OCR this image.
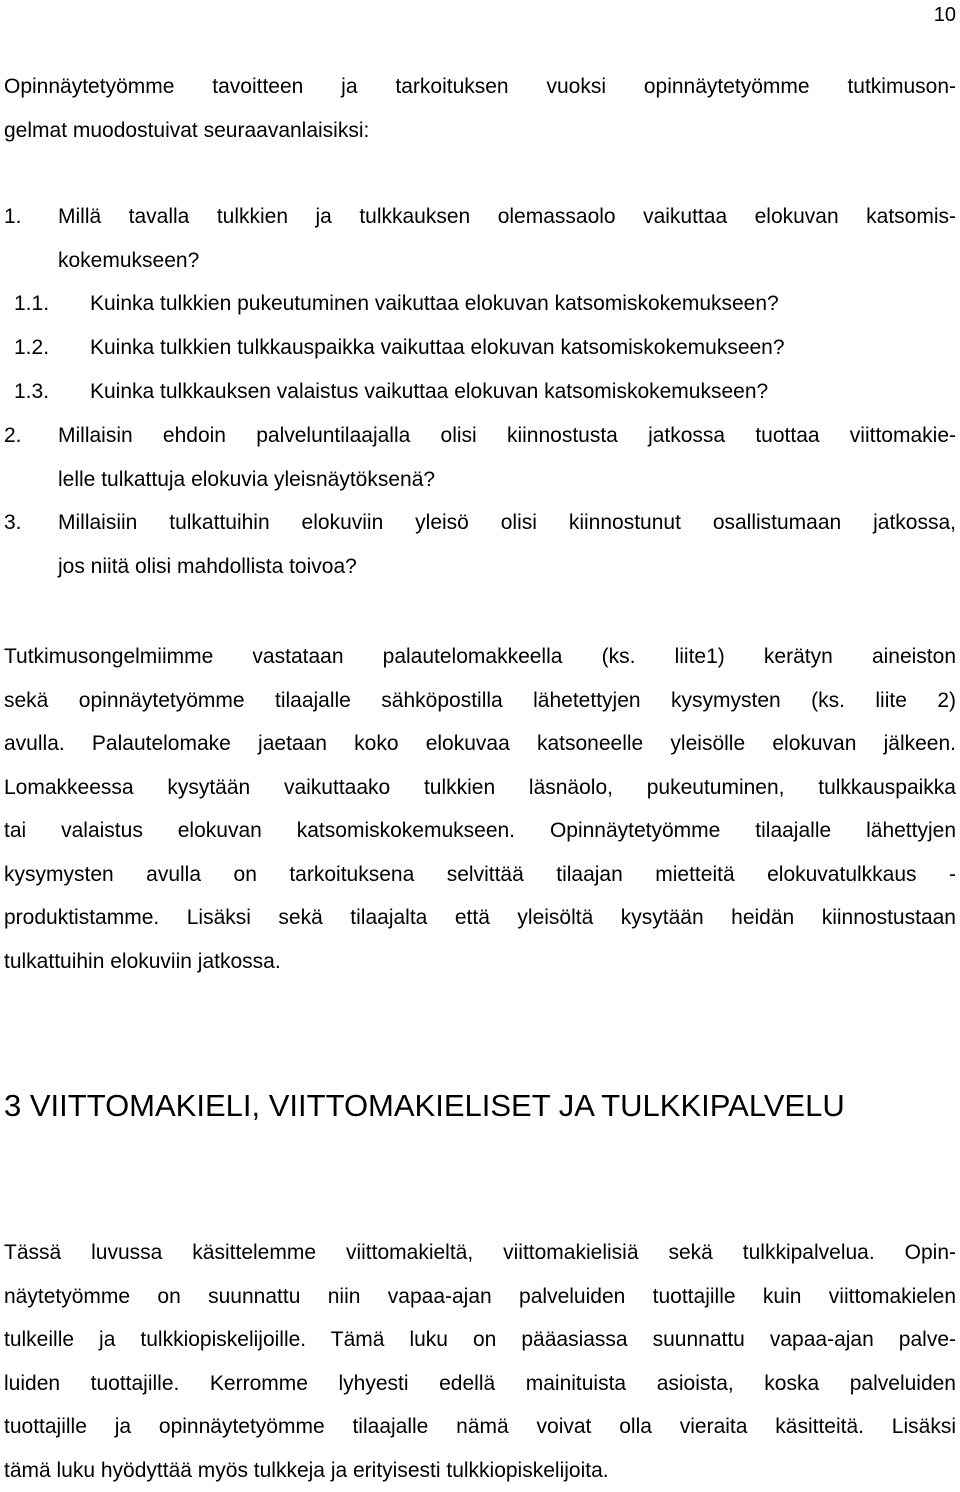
10
Opinnäytetyömme tavoitteen ja tarkoituksen vuoksi opinnäytetyömme tutkimuson-
gelmat muodostuivat seuraavanlaisiksi:
1. Millä tavalla tulkkien ja tulkkauksen olemassaolo vaikuttaa elokuvan katsomis-
kokemukseen?
1.1. Kuinka tulkkien pukeutuminen vaikuttaa elokuvan katsomiskokemukseen?
1.2. Kuinka tulkkien tulkkauspaikka vaikuttaa elokuvan katsomiskokemukseen?
1.3. Kuinka tulkkauksen valaistus vaikuttaa elokuvan katsomiskokemukseen?
2. Millaisin ehdoin palveluntilaajalla olisi kiinnostusta jatkossa tuottaa viittomakie-
lelle tulkattuja elokuvia yleisnäytöksenä?
3. Millaisiin tulkattuihin elokuviin yleisö olisi kiinnostunut osallistumaan jatkossa,
jos niitä olisi mahdollista toivoa?
Tutkimusongelmiimme vastataan palautelomakkeella (ks. liite1) kerätyn aineiston
sekä opinnäytetyömme tilaajalle sähköpostilla lähetettyjen kysymysten (ks. liite 2)
avulla. Palautelomake jaetaan koko elokuvaa katsoneelle yleisölle elokuvan jälkeen.
Lomakkeessa kysytään vaikuttaako tulkkien läsnäolo, pukeutuminen, tulkkauspaikka
tai valaistus elokuvan katsomiskokemukseen. Opinnäytetyömme tilaajalle lähettyjen
kysymysten avulla on tarkoituksena selvittää tilaajan mietteitä elokuvatulkkaus -
produktistamme. Lisäksi sekä tilaajalta että yleisöltä kysytään heidän kiinnostustaan
tulkattuihin elokuviin jatkossa.
3 VIITTOMAKIELI, VIITTOMAKIELISET JA TULKKIPALVELU
Tässä luvussa käsittelemme viittomakieltä, viittomakielisiä sekä tulkkipalvelua. Opin-
näytetyömme on suunnattu niin vapaa-ajan palveluiden tuottajille kuin viittomakielen
tulkeille ja tulkkiopiskelijoille. Tämä luku on pääasiassa suunnattu vapaa-ajan palve-
luiden tuottajille. Kerromme lyhyesti edellä mainituista asioista, koska palveluiden
tuottajille ja opinnäytetyömme tilaajalle nämä voivat olla vieraita käsitteitä. Lisäksi
tämä luku hyödyttää myös tulkkeja ja erityisesti tulkkiopiskelijoita.
